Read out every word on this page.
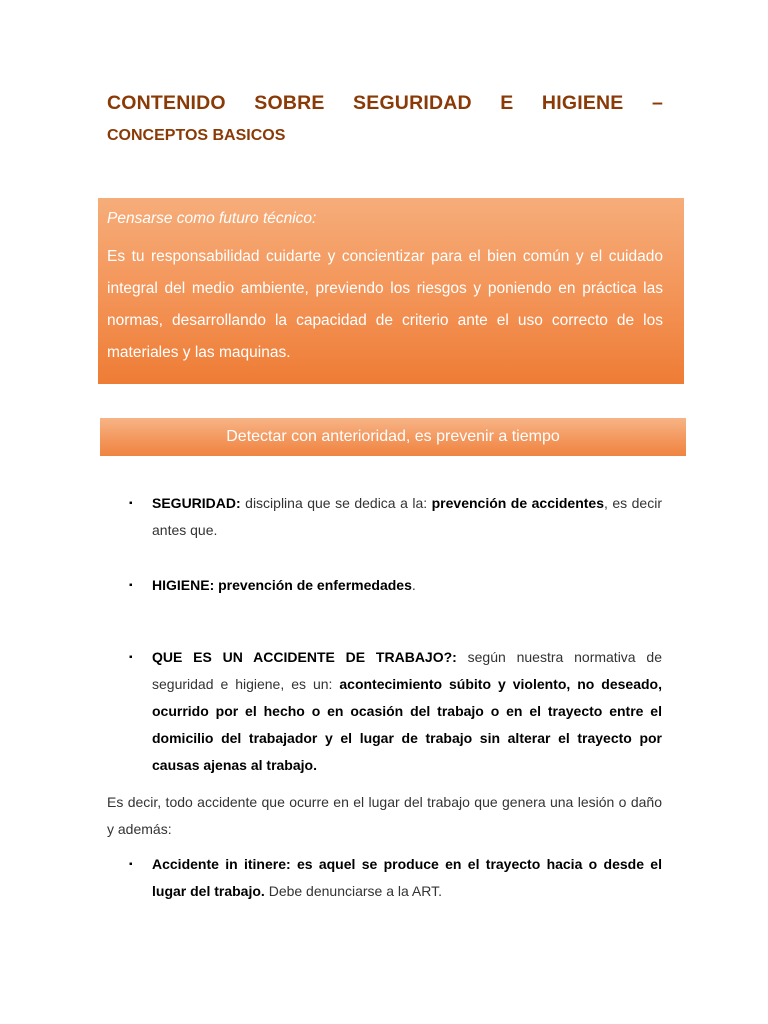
CONTENIDO SOBRE SEGURIDAD E HIGIENE –
CONCEPTOS BASICOS

Pensarse como futuro técnico:

Es tu responsabilidad cuidarte y concientizar para el bien común y el cuidado integral del medio ambiente, previendo los riesgos y poniendo en práctica las normas, desarrollando la capacidad de criterio ante el uso correcto de los materiales y las maquinas.

Detectar con anterioridad, es prevenir a tiempo
▪ SEGURIDAD: disciplina que se dedica a la: prevención de accidentes, es decir antes que.
▪ HIGIENE: prevención de enfermedades.
▪ QUE ES UN ACCIDENTE DE TRABAJO?: según nuestra normativa de seguridad e higiene, es un: acontecimiento súbito y violento, no deseado, ocurrido por el hecho o en ocasión del trabajo o en el trayecto entre el domicilio del trabajador y el lugar de trabajo sin alterar el trayecto por causas ajenas al trabajo.

Es decir, todo accidente que ocurre en el lugar del trabajo que genera una lesión o daño y además:

▪ Accidente in itinere: es aquel se produce en el trayecto hacia o desde el lugar del trabajo. Debe denunciarse a la ART.
